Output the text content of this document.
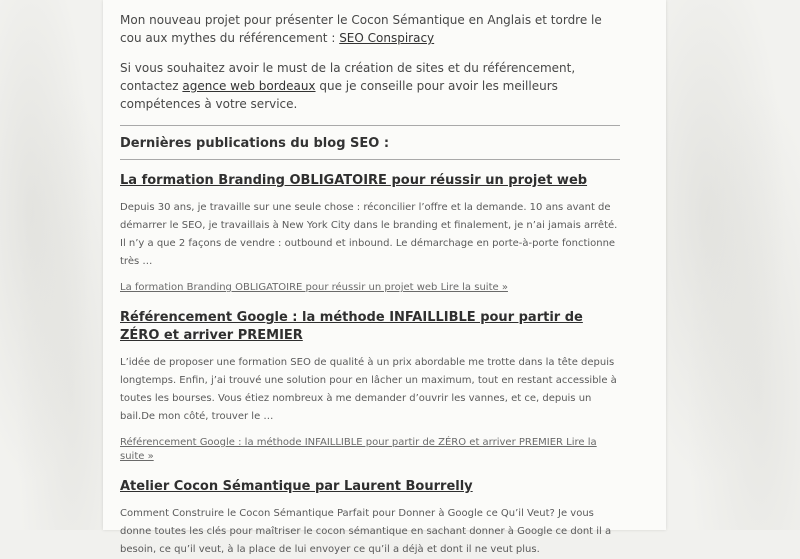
Mon nouveau projet pour présenter le Cocon Sémantique en Anglais et tordre le cou aux mythes du référencement : SEO Conspiracy

Si vous souhaitez avoir le must de la création de sites et du référencement, contactez agence web bordeaux que je conseille pour avoir les meilleurs compétences à votre service.

Dernières publications du blog SEO :
La formation Branding OBLIGATOIRE pour réussir un projet web

Depuis 30 ans, je travaille sur une seule chose : réconcilier l’offre et la demande. 10 ans avant de démarrer le SEO, je travaillais à New York City dans le branding et finalement, je n’ai jamais arrêté. Il n’y a que 2 façons de vendre : outbound et inbound. Le démarchage en porte-à-porte fonctionne très …

La formation Branding OBLIGATOIRE pour réussir un projet web Lire la suite »
Référencement Google : la méthode INFAILLIBLE pour partir de ZÉRO et arriver PREMIER

L’idée de proposer une formation SEO de qualité à un prix abordable me trotte dans la tête depuis longtemps. Enfin, j’ai trouvé une solution pour en lâcher un maximum, tout en restant accessible à toutes les bourses. Vous étiez nombreux à me demander d’ouvrir les vannes, et ce, depuis un bail.De mon côté, trouver le …

Référencement Google : la méthode INFAILLIBLE pour partir de ZÉRO et arriver PREMIER Lire la suite »
Atelier Cocon Sémantique par Laurent Bourrelly

Comment Construire le Cocon Sémantique Parfait pour Donner à Google ce Qu’il Veut? Je vous donne toutes les clés pour maîtriser le cocon sémantique en sachant donner à Google ce dont il a besoin, ce qu’il veut, à la place de lui envoyer ce qu’il a déjà et dont il ne veut plus.
